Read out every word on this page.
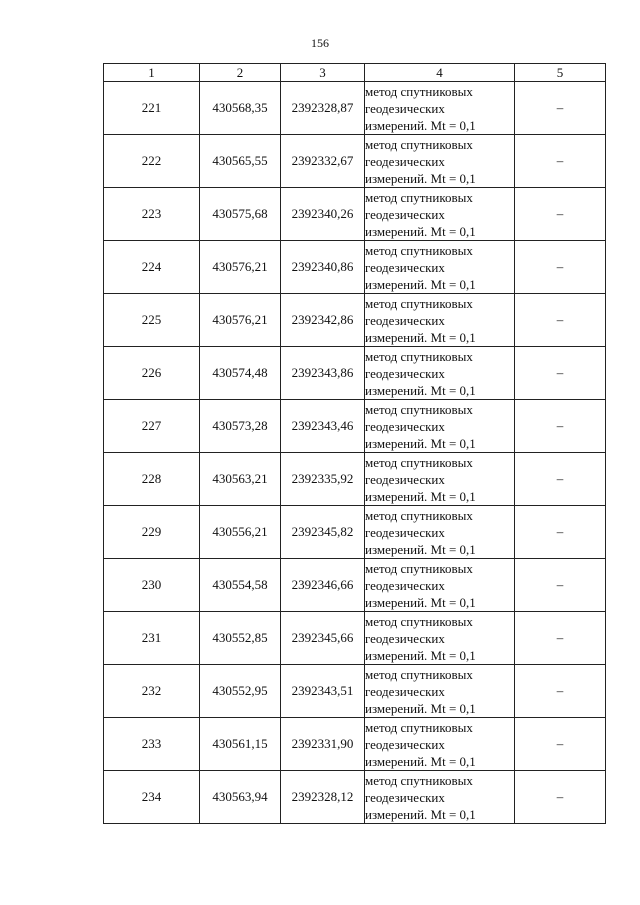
156
1	2	3	4	5
221	430568,35	2392328,87	метод спутниковых
геодезических
измерений. Mt = 0,1	–
222	430565,55	2392332,67	метод спутниковых
геодезических
измерений. Mt = 0,1	–
223	430575,68	2392340,26	метод спутниковых
геодезических
измерений. Mt = 0,1	–
224	430576,21	2392340,86	метод спутниковых
геодезических
измерений. Mt = 0,1	–
225	430576,21	2392342,86	метод спутниковых
геодезических
измерений. Mt = 0,1	–
226	430574,48	2392343,86	метод спутниковых
геодезических
измерений. Mt = 0,1	–
227	430573,28	2392343,46	метод спутниковых
геодезических
измерений. Mt = 0,1	–
228	430563,21	2392335,92	метод спутниковых
геодезических
измерений. Mt = 0,1	–
229	430556,21	2392345,82	метод спутниковых
геодезических
измерений. Mt = 0,1	–
230	430554,58	2392346,66	метод спутниковых
геодезических
измерений. Mt = 0,1	–
231	430552,85	2392345,66	метод спутниковых
геодезических
измерений. Mt = 0,1	–
232	430552,95	2392343,51	метод спутниковых
геодезических
измерений. Mt = 0,1	–
233	430561,15	2392331,90	метод спутниковых
геодезических
измерений. Mt = 0,1	–
234	430563,94	2392328,12	метод спутниковых
геодезических
измерений. Mt = 0,1	–
